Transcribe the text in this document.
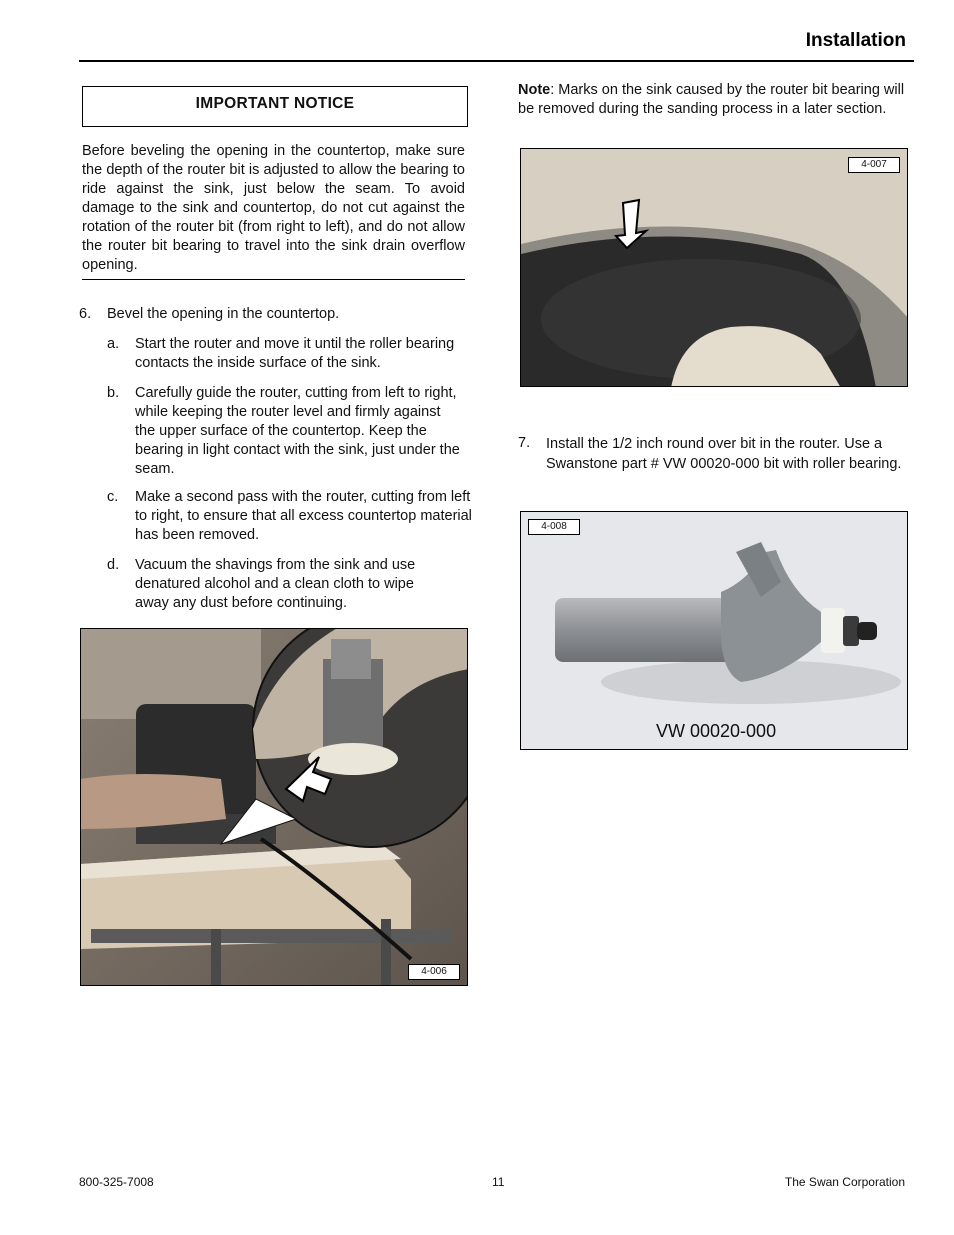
Installation
IMPORTANT NOTICE
Before beveling the opening in the countertop, make sure the depth of the router bit is adjusted to allow the bearing to ride against the sink, just below the seam. To avoid damage to the sink and countertop, do not cut against the rotation of the router bit (from right to left), and do not allow the router bit bearing to travel into the sink drain overflow opening.
6. Bevel the opening in the countertop.
a. Start the router and move it until the roller bearing contacts the inside surface of the sink.
b. Carefully guide the router, cutting from left to right, while keeping the router level and firmly against the upper surface of the countertop. Keep the bearing in light contact with the sink, just under the seam.
c. Make a second pass with the router, cutting from left to right, to ensure that all excess countertop material has been removed.
d. Vacuum the shavings from the sink and use denatured alcohol and a clean cloth to wipe away any dust before continuing.
4-006
Note: Marks on the sink caused by the router bit bearing will be removed during the sanding process in a later section.
4-007
7. Install the 1/2 inch round over bit in the router. Use a Swanstone part # VW 00020-000 bit with roller bearing.
4-008
VW 00020-000
800-325-7008	11	The Swan Corporation
